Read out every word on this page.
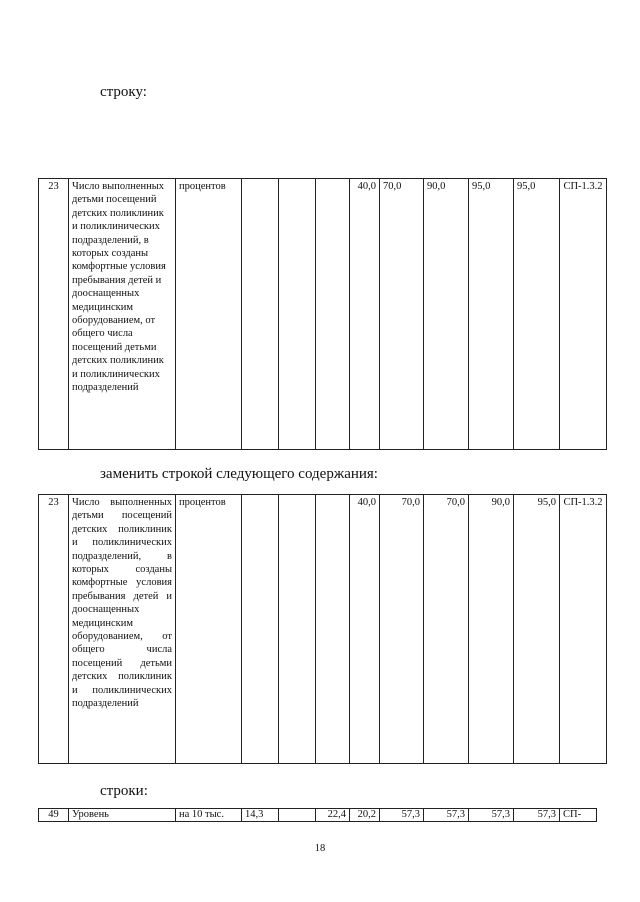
строку:
23	Число выполненных детьми посещений детских поликлиник и поликлинических подразделений, в которых созданы комфортные условия пребывания детей и дооснащенных медицинским оборудованием, от общего числа посещений детьми детских поликлиник и поликлинических подразделений	процентов				40,0	70,0	90,0	95,0	95,0	СП-1.3.2
заменить строкой следующего содержания:
23	Число выполненных детьми посещений детских поликлиник и поликлинических подразделений, в которых созданы комфортные условия пребывания детей и дооснащенных медицинским оборудованием, от общего числа посещений детьми детских поликлиник и поликлинических подразделений	процентов				40,0	70,0	70,0	90,0	95,0	СП-1.3.2
строки:
49	Уровень	на 10 тыс.	14,3		22,4	20,2	57,3	57,3	57,3	57,3	СП-
18
